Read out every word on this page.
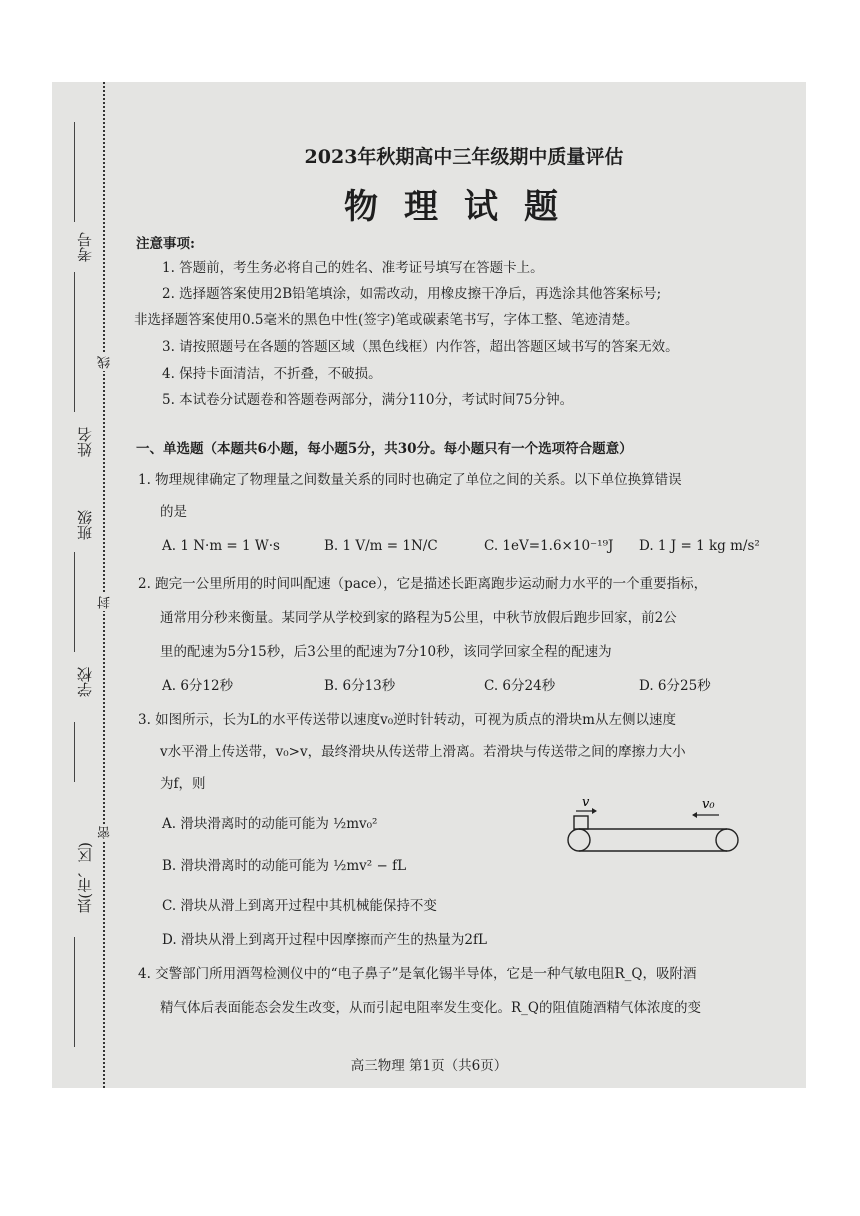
考号
姓名
班级
学校
县(市、区)
线
封
密
2023年秋期高中三年级期中质量评估
物理试题
注意事项:
1. 答题前，考生务必将自己的姓名、准考证号填写在答题卡上。
2. 选择题答案使用2B铅笔填涂，如需改动，用橡皮擦干净后，再选涂其他答案标号;
非选择题答案使用0.5毫米的黑色中性(签字)笔或碳素笔书写，字体工整、笔迹清楚。
3. 请按照题号在各题的答题区域（黑色线框）内作答，超出答题区域书写的答案无效。
4. 保持卡面清洁，不折叠，不破损。
5. 本试卷分试题卷和答题卷两部分，满分110分，考试时间75分钟。
一、单选题（本题共6小题，每小题5分，共30分。每小题只有一个选项符合题意）
1. 物理规律确定了物理量之间数量关系的同时也确定了单位之间的关系。以下单位换算错误
的是
A. 1 N·m = 1 W·s	B. 1 V/m = 1N/C	C. 1eV=1.6×10⁻¹⁹J D. 1 J = 1 kg m/s²
2. 跑完一公里所用的时间叫配速（pace），它是描述长距离跑步运动耐力水平的一个重要指标，
通常用分秒来衡量。某同学从学校到家的路程为5公里，中秋节放假后跑步回家，前2公
里的配速为5分15秒，后3公里的配速为7分10秒，该同学回家全程的配速为
A. 6分12秒	B. 6分13秒	C. 6分24秒	D. 6分25秒
3. 如图所示，长为L的水平传送带以速度v₀逆时针转动，可视为质点的滑块m从左侧以速度
v水平滑上传送带，v₀>v，最终滑块从传送带上滑离。若滑块与传送带之间的摩擦力大小
为f，则
A. 滑块滑离时的动能可能为 ½mv₀²
B. 滑块滑离时的动能可能为 ½mv² − fL
C. 滑块从滑上到离开过程中其机械能保持不变
D. 滑块从滑上到离开过程中因摩擦而产生的热量为2fL
4. 交警部门所用酒驾检测仪中的“电子鼻子”是氧化锡半导体，它是一种气敏电阻R_Q，吸附酒
精气体后表面能态会发生改变，从而引起电阻率发生变化。R_Q的阻值随酒精气体浓度的变
v	v₀
高三物理 第1页（共6页）
